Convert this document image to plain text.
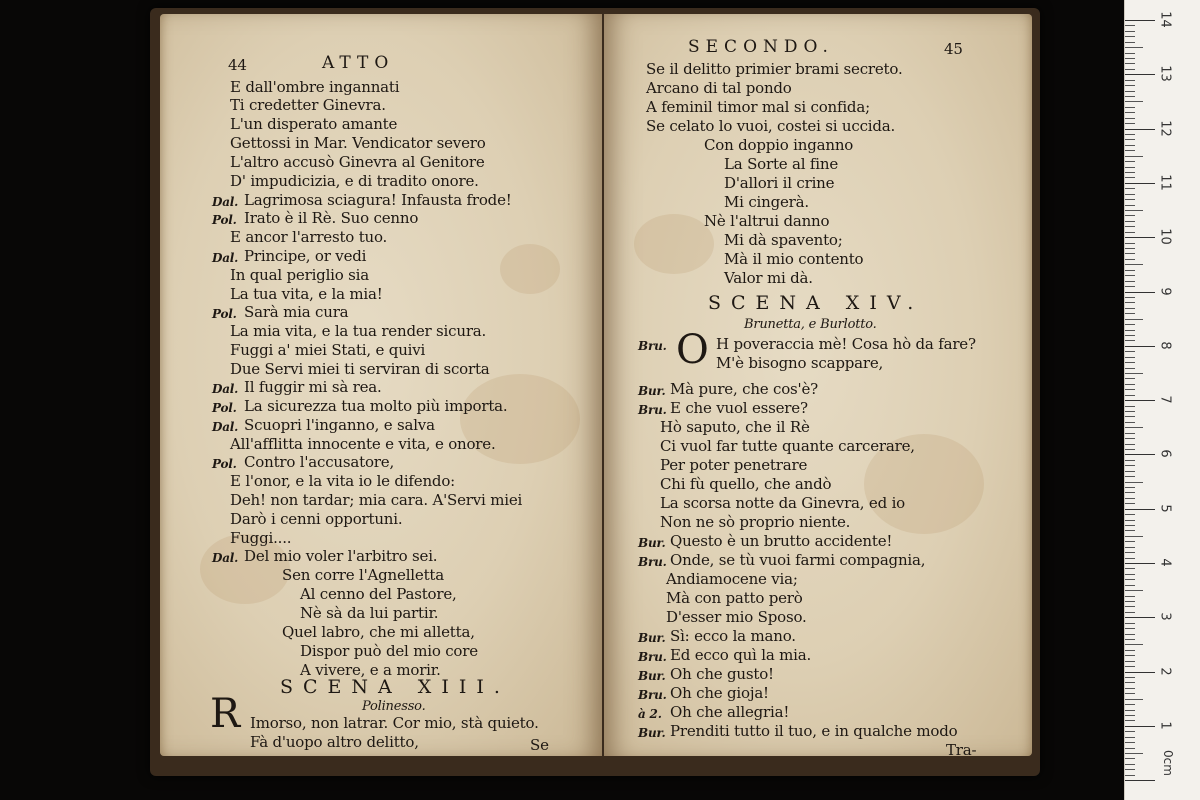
44	ATTO
E dall'ombre ingannati
Ti credetter Ginevra.
L'un disperato amante
Gettossi in Mar. Vendicator severo
L'altro accusò Ginevra al Genitore
D' impudicizia, e di tradito onore.
Dal. Lagrimosa sciagura! Infausta frode!
Pol. Irato è il Rè. Suo cenno
E ancor l'arresto tuo.
Dal. Principe, or vedi
In qual periglio sia
La tua vita, e la mia!
Pol. Sarà mia cura
La mia vita, e la tua render sicura.
Fuggi a' miei Stati, e quivi
Due Servi miei ti serviran di scorta
Dal. Il fuggir mi sà rea.
Pol. La sicurezza tua molto più importa.
Dal. Scuopri l'inganno, e salva
All'afflitta innocente e vita, e onore.
Pol. Contro l'accusatore,
E l'onor, e la vita io le difendo:
Deh! non tardar; mia cara. A'Servi miei
Darò i cenni opportuni.
Fuggi....
Dal. Del mio voler l'arbitro sei.
Sen corre l'Agnelletta
Al cenno del Pastore,
Nè sà da lui partir.
Quel labro, che mi alletta,
Dispor può del mio core
A vivere, e a morir.
SCENA XIII.
Polinesso.
R Imorso, non latrar. Cor mio, stà quieto.
Fà d'uopo altro delitto,	Se
SECONDO.	45
Se il delitto primier brami secreto.
Arcano di tal pondo
A feminil timor mal si confida;
Se celato lo vuoi, costei si uccida.
Con doppio inganno
La Sorte al fine
D'allori il crine
Mi cingerà.
Nè l'altrui danno
Mi dà spavento;
Mà il mio contento
Valor mi dà.
SCENA XIV.
Brunetta, e Burlotto.
O
Bru.	H poveraccia mè! Cosa hò da fare?
M'è bisogno scappare,
Bur. Mà pure, che cos'è?
Bru. E che vuol essere?
Hò saputo, che il Rè
Ci vuol far tutte quante carcerare,
Per poter penetrare
Chi fù quello, che andò
La scorsa notte da Ginevra, ed io
Non ne sò proprio niente.
Bur. Questo è un brutto accidente!
Bru. Onde, se tù vuoi farmi compagnia,
Andiamocene via;
Mà con patto però
D'esser mio Sposo.
Bur. Sì: ecco la mano.
Bru. Ed ecco quì la mia.
Bur. Oh che gusto!
Bru. Oh che gioja!
à 2. Oh che allegria!
Bur. Prenditi tutto il tuo, e in qualche modo
Tra-
0cm
14
13
12
11
10
9
8
7
6
5
4
3
2
1
